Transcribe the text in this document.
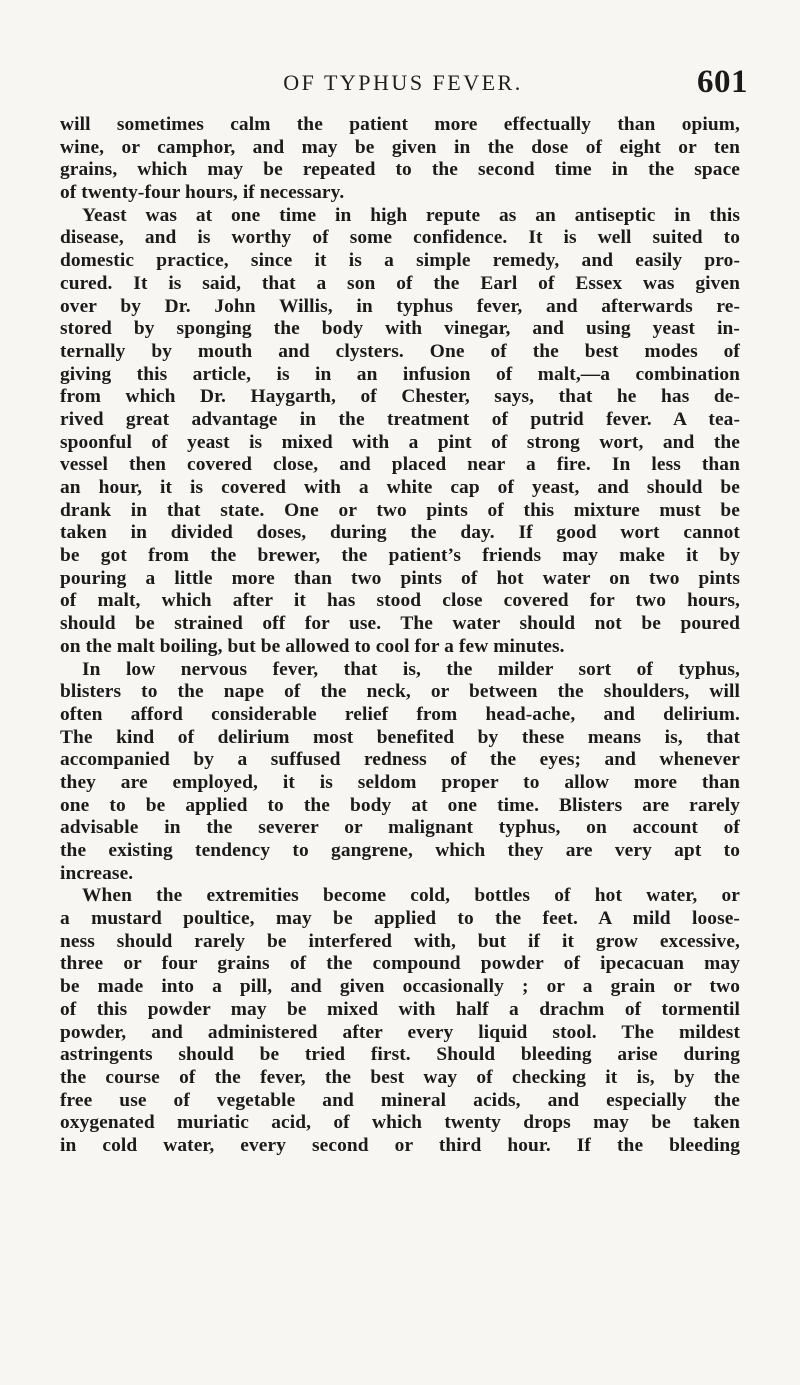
OF TYPHUS FEVER.	601
will sometimes calm the patient more effectually than opium,
wine, or camphor, and may be given in the dose of eight or ten
grains, which may be repeated to the second time in the space
of twenty-four hours, if necessary.
Yeast was at one time in high repute as an antiseptic in this
disease, and is worthy of some confidence. It is well suited to
domestic practice, since it is a simple remedy, and easily pro-
cured. It is said, that a son of the Earl of Essex was given
over by Dr. John Willis, in typhus fever, and afterwards re-
stored by sponging the body with vinegar, and using yeast in-
ternally by mouth and clysters. One of the best modes of
giving this article, is in an infusion of malt,—a combination
from which Dr. Haygarth, of Chester, says, that he has de-
rived great advantage in the treatment of putrid fever. A tea-
spoonful of yeast is mixed with a pint of strong wort, and the
vessel then covered close, and placed near a fire. In less than
an hour, it is covered with a white cap of yeast, and should be
drank in that state. One or two pints of this mixture must be
taken in divided doses, during the day. If good wort cannot
be got from the brewer, the patient’s friends may make it by
pouring a little more than two pints of hot water on two pints
of malt, which after it has stood close covered for two hours,
should be strained off for use. The water should not be poured
on the malt boiling, but be allowed to cool for a few minutes.
In low nervous fever, that is, the milder sort of typhus,
blisters to the nape of the neck, or between the shoulders, will
often afford considerable relief from head-ache, and delirium.
The kind of delirium most benefited by these means is, that
accompanied by a suffused redness of the eyes; and whenever
they are employed, it is seldom proper to allow more than
one to be applied to the body at one time. Blisters are rarely
advisable in the severer or malignant typhus, on account of
the existing tendency to gangrene, which they are very apt to
increase.
When the extremities become cold, bottles of hot water, or
a mustard poultice, may be applied to the feet. A mild loose-
ness should rarely be interfered with, but if it grow excessive,
three or four grains of the compound powder of ipecacuan may
be made into a pill, and given occasionally ; or a grain or two
of this powder may be mixed with half a drachm of tormentil
powder, and administered after every liquid stool. The mildest
astringents should be tried first. Should bleeding arise during
the course of the fever, the best way of checking it is, by the
free use of vegetable and mineral acids, and especially the
oxygenated muriatic acid, of which twenty drops may be taken
in cold water, every second or third hour. If the bleeding
